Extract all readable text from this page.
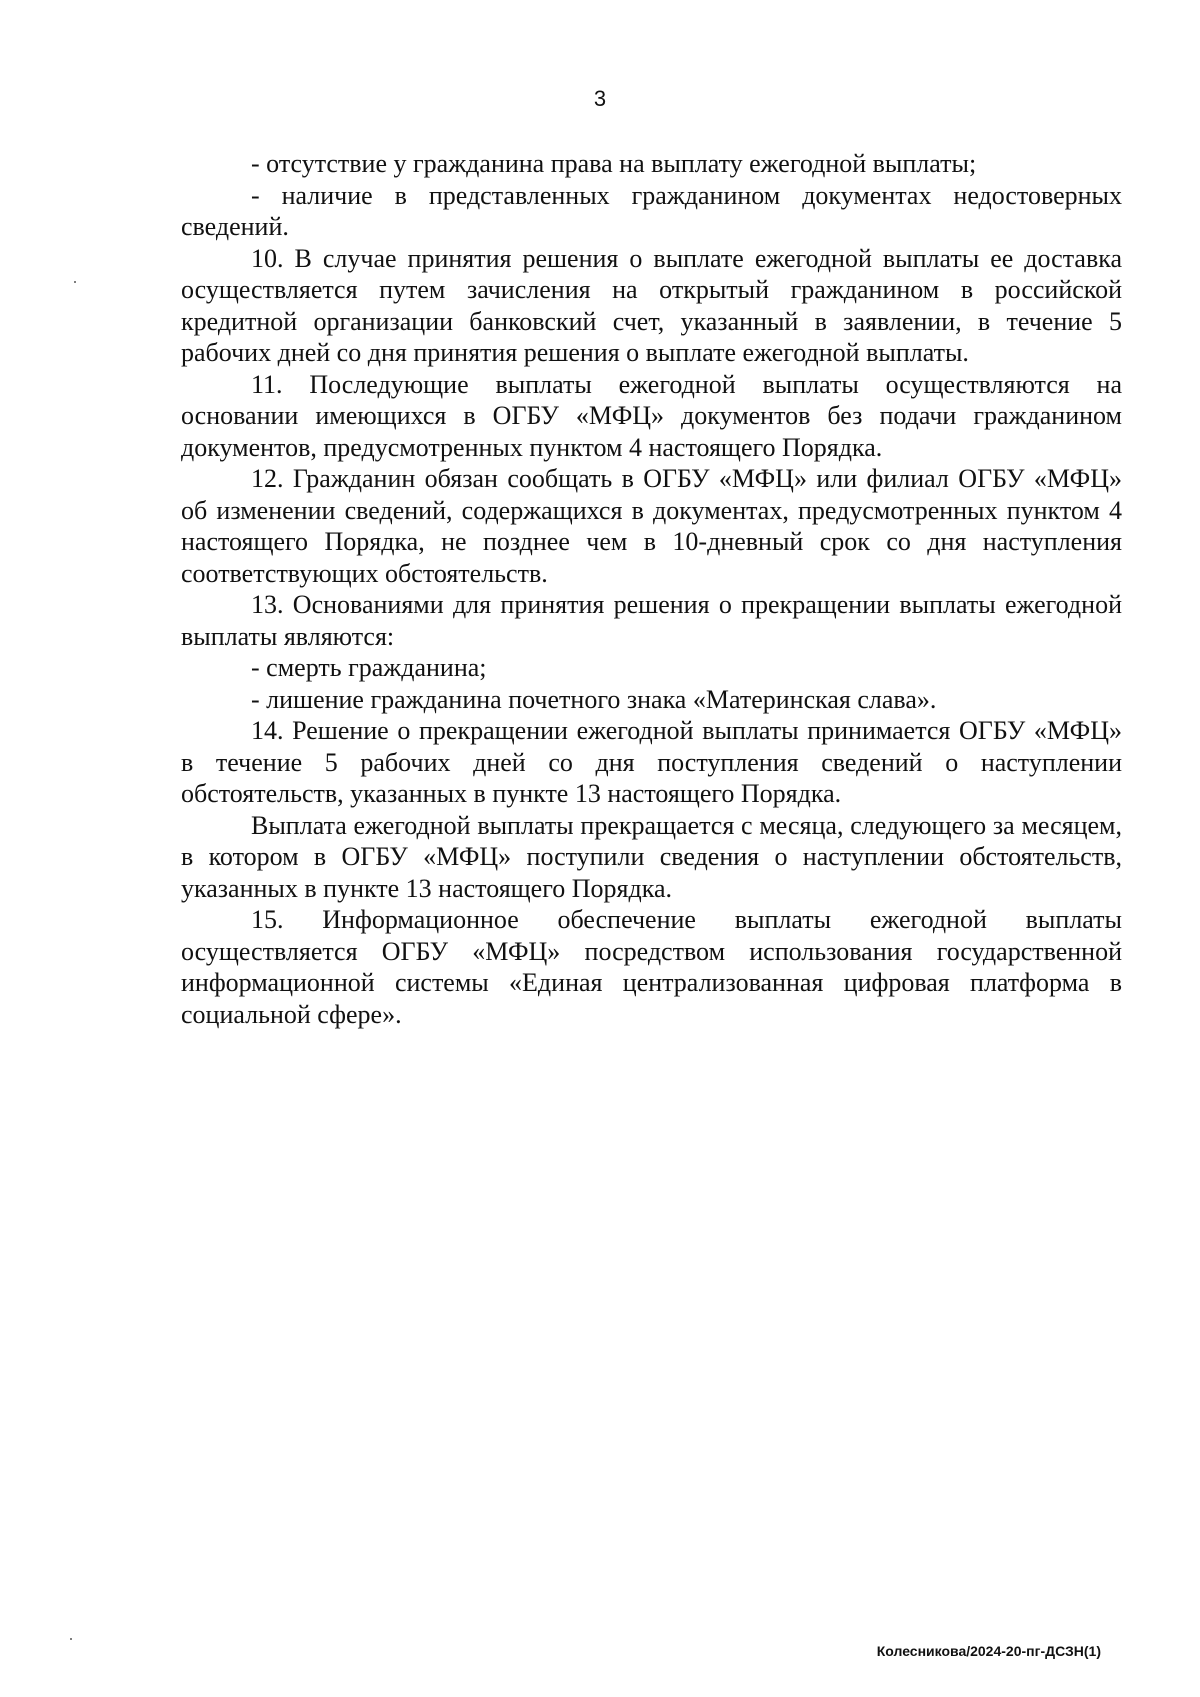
3

- отсутствие у гражданина права на выплату ежегодной выплаты;

- наличие в представленных гражданином документах недостоверных сведений.

10. В случае принятия решения о выплате ежегодной выплаты ее доставка осуществляется путем зачисления на открытый гражданином в российской кредитной организации банковский счет, указанный в заявлении, в течение 5 рабочих дней со дня принятия решения о выплате ежегодной выплаты.

11. Последующие выплаты ежегодной выплаты осуществляются на основании имеющихся в ОГБУ «МФЦ» документов без подачи гражданином документов, предусмотренных пунктом 4 настоящего Порядка.

12. Гражданин обязан сообщать в ОГБУ «МФЦ» или филиал ОГБУ «МФЦ» об изменении сведений, содержащихся в документах, предусмотренных пунктом 4 настоящего Порядка, не позднее чем в 10-дневный срок со дня наступления соответствующих обстоятельств.

13. Основаниями для принятия решения о прекращении выплаты ежегодной выплаты являются:

- смерть гражданина;

- лишение гражданина почетного знака «Материнская слава».

14. Решение о прекращении ежегодной выплаты принимается ОГБУ «МФЦ» в течение 5 рабочих дней со дня поступления сведений о наступлении обстоятельств, указанных в пункте 13 настоящего Порядка.

Выплата ежегодной выплаты прекращается с месяца, следующего за месяцем, в котором в ОГБУ «МФЦ» поступили сведения о наступлении обстоятельств, указанных в пункте 13 настоящего Порядка.

15. Информационное обеспечение выплаты ежегодной выплаты осуществляется ОГБУ «МФЦ» посредством использования государственной информационной системы «Единая централизованная цифровая платформа в социальной сфере».

Колесникова/2024-20-пг-ДСЗН(1)
